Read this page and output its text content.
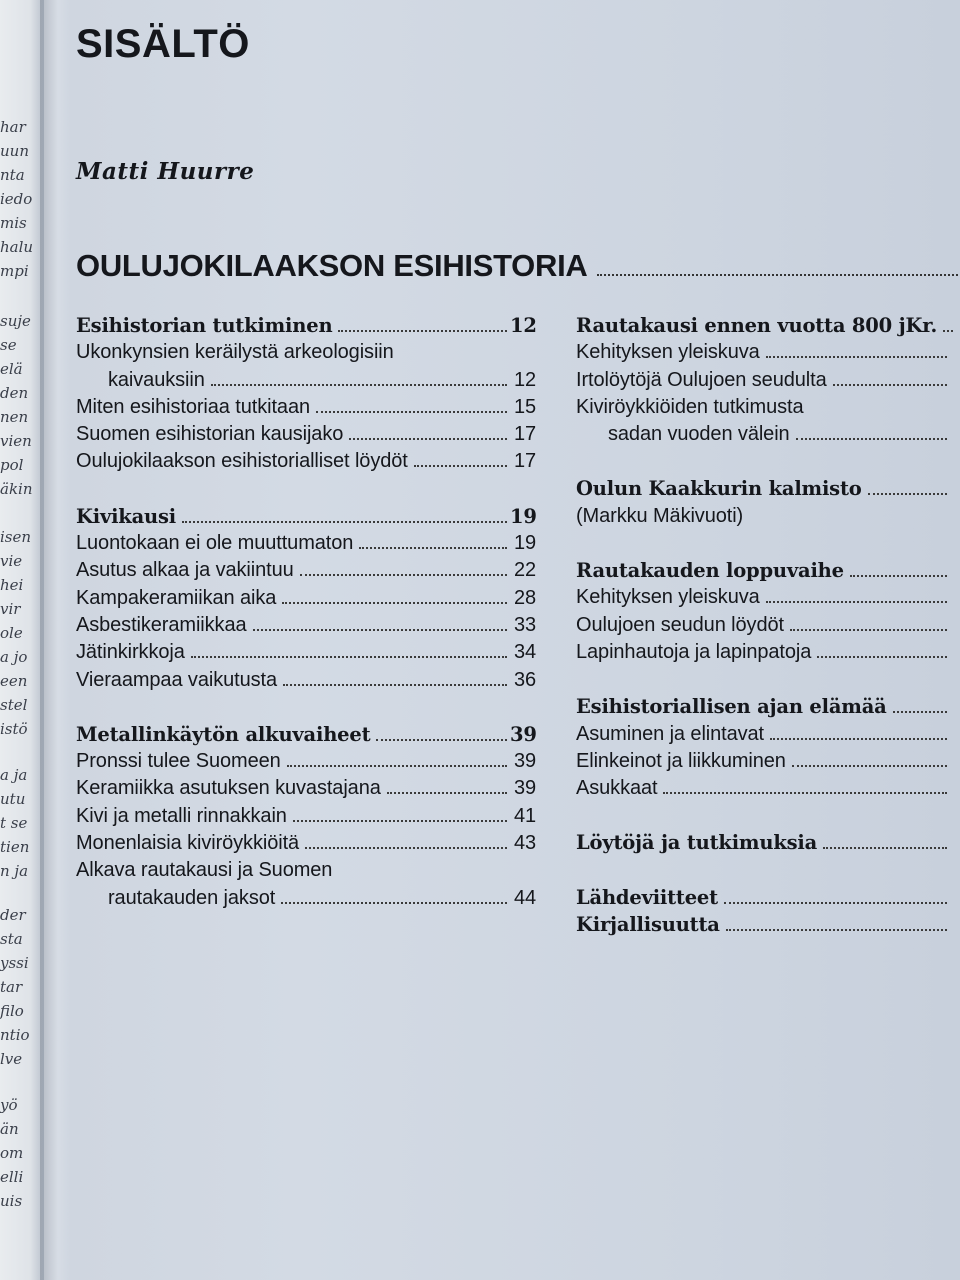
har
uun
nta
iedo
mis
halu
mpi
suje
se
elä
den
nen
vien
pol
äkin
isen
vie
hei
vir
ole
a jo
een
stel
istö
a ja
utu
t se
tien
n ja
der
sta
yssi
tar
filo
ntio
lve
yö
än
om
elli
uis
SISÄLTÖ
Matti Huurre
OULUJOKILAAKSON ESIHISTORIA
Esihistorian tutkiminen	12
Ukonkynsien keräilystä arkeologisiin
kaivauksiin	12
Miten esihistoriaa tutkitaan	15
Suomen esihistorian kausijako	17
Oulujokilaakson esihistorialliset löydöt	17
Kivikausi	19
Luontokaan ei ole muuttumaton	19
Asutus alkaa ja vakiintuu	22
Kampakeramiikan aika	28
Asbestikeramiikkaa	33
Jätinkirkkoja	34
Vieraampaa vaikutusta	36
Metallinkäytön alkuvaiheet	39
Pronssi tulee Suomeen	39
Keramiikka asutuksen kuvastajana	39
Kivi ja metalli rinnakkain	41
Monenlaisia kiviröykkiöitä	43
Alkava rautakausi ja Suomen
rautakauden jaksot	44
Rautakausi ennen vuotta 800 jKr.
Kehityksen yleiskuva
Irtolöytöjä Oulujoen seudulta
Kiviröykkiöiden tutkimusta
sadan vuoden välein
Oulun Kaakkurin kalmisto
(Markku Mäkivuoti)
Rautakauden loppuvaihe
Kehityksen yleiskuva
Oulujoen seudun löydöt
Lapinhautoja ja lapinpatoja
Esihistoriallisen ajan elämää
Asuminen ja elintavat
Elinkeinot ja liikkuminen
Asukkaat
Löytöjä ja tutkimuksia
Lähdeviitteet
Kirjallisuutta
